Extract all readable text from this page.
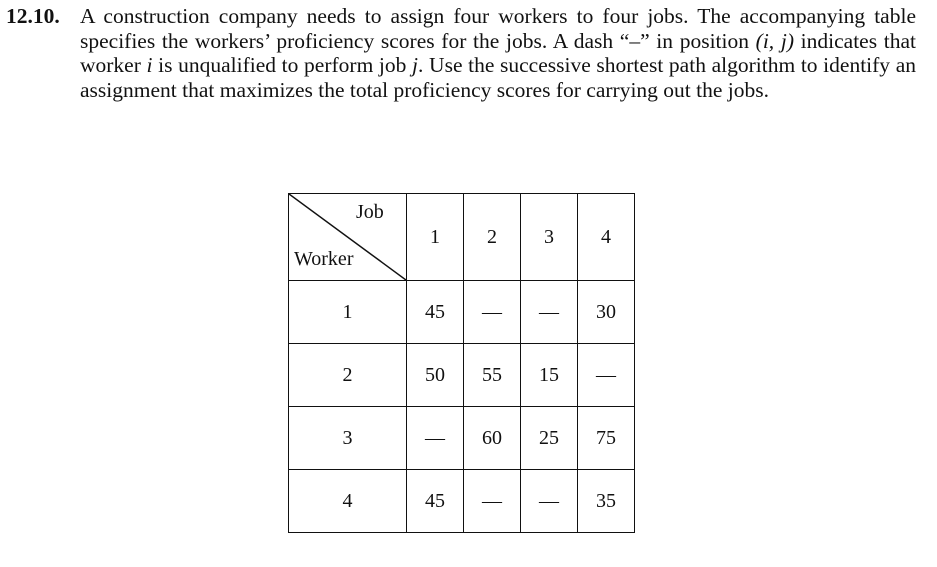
12.10. A construction company needs to assign four workers to four jobs. The accompanying table specifies the workers’ proficiency scores for the jobs. A dash “–” in position (i, j) indicates that worker i is unqualified to perform job j. Use the successive shortest path algorithm to identify an assignment that maximizes the total proficiency scores for carrying out the jobs.
Job
Worker	1	2	3	4
1	45	—	—	30
2	50	55	15	—
3	—	60	25	75
4	45	—	—	35
